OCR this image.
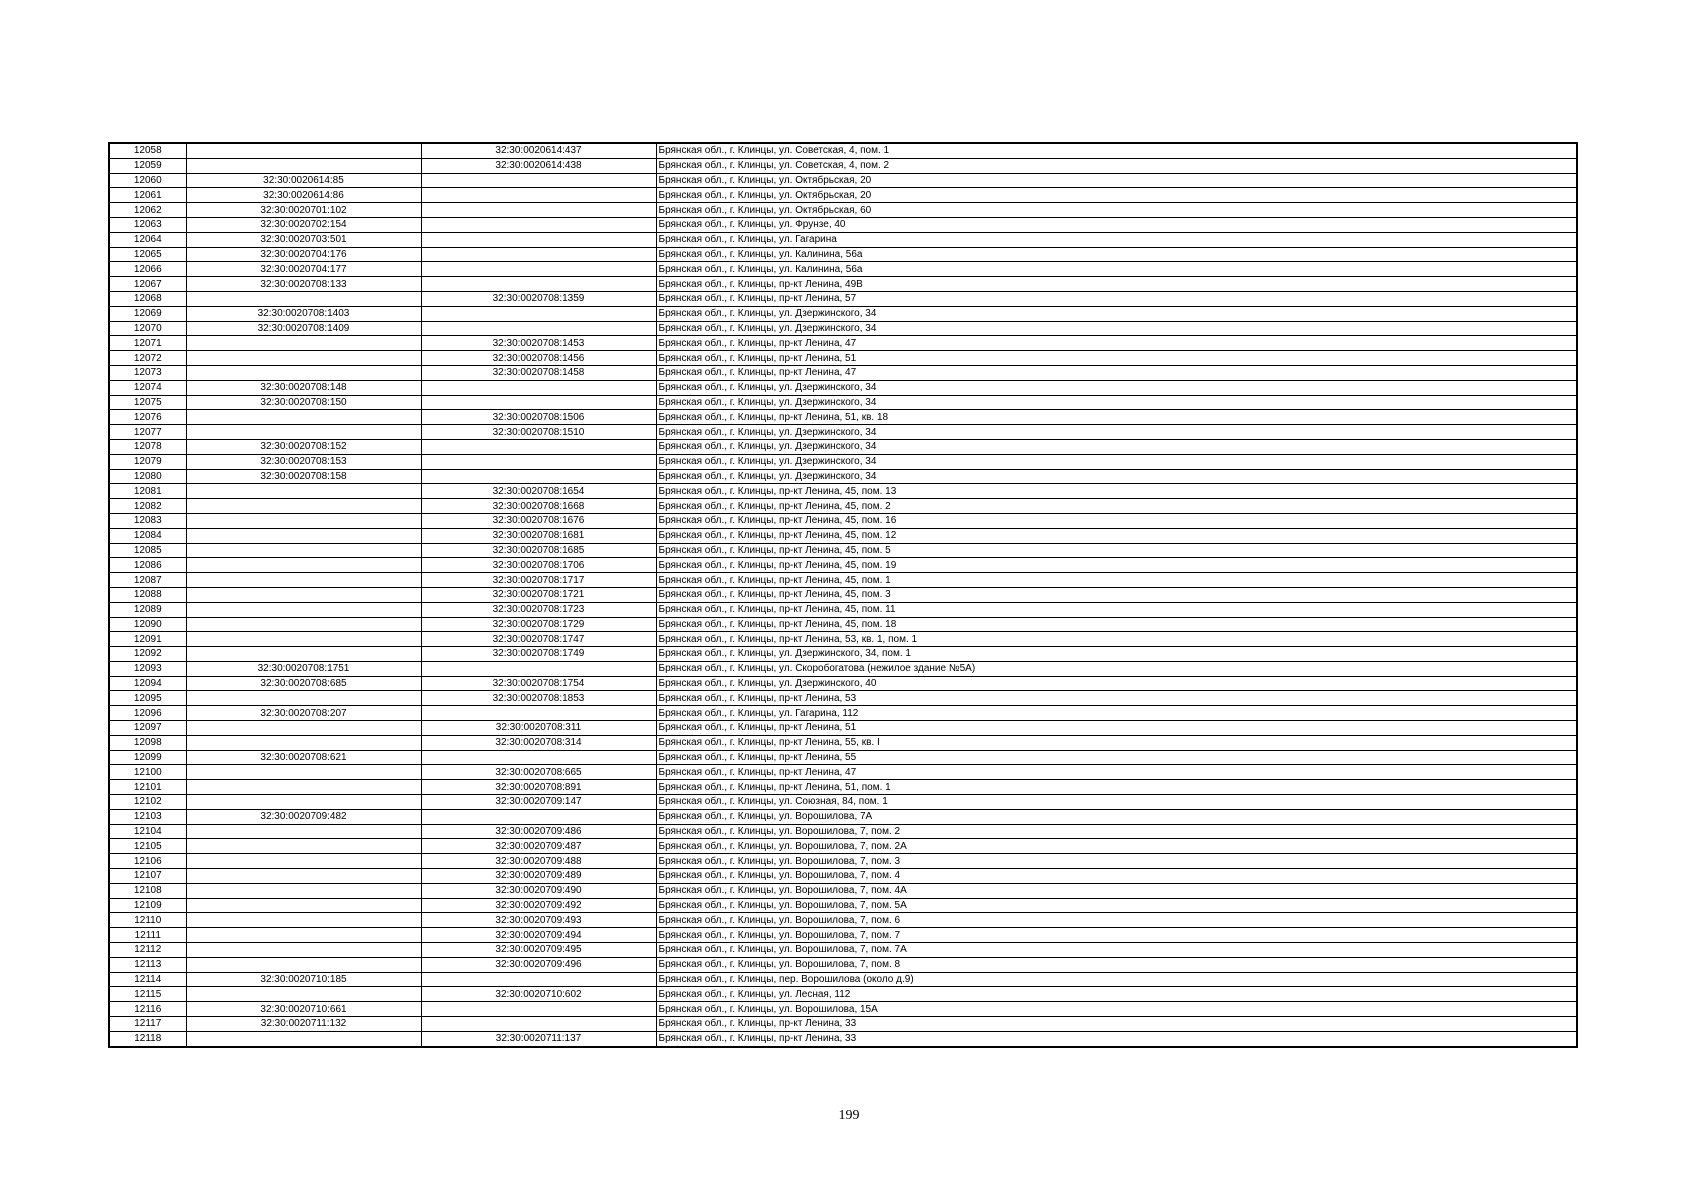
12058		32:30:0020614:437	Брянская обл., г. Клинцы, ул. Советская, 4, пом. 1
12059		32:30:0020614:438	Брянская обл., г. Клинцы, ул. Советская, 4, пом. 2
12060	32:30:0020614:85		Брянская обл., г. Клинцы, ул. Октябрьская, 20
12061	32:30:0020614:86		Брянская обл., г. Клинцы, ул. Октябрьская, 20
12062	32:30:0020701:102		Брянская обл., г. Клинцы, ул. Октябрьская, 60
12063	32:30:0020702:154		Брянская обл., г. Клинцы, ул. Фрунзе, 40
12064	32:30:0020703:501		Брянская обл., г. Клинцы, ул. Гагарина
12065	32:30:0020704:176		Брянская обл., г. Клинцы, ул. Калинина, 56а
12066	32:30:0020704:177		Брянская обл., г. Клинцы, ул. Калинина, 56а
12067	32:30:0020708:133		Брянская обл., г. Клинцы, пр-кт Ленина, 49В
12068		32:30:0020708:1359	Брянская обл., г. Клинцы, пр-кт Ленина, 57
12069	32:30:0020708:1403		Брянская обл., г. Клинцы, ул. Дзержинского, 34
12070	32:30:0020708:1409		Брянская обл., г. Клинцы, ул. Дзержинского, 34
12071		32:30:0020708:1453	Брянская обл., г. Клинцы, пр-кт Ленина, 47
12072		32:30:0020708:1456	Брянская обл., г. Клинцы, пр-кт Ленина, 51
12073		32:30:0020708:1458	Брянская обл., г. Клинцы, пр-кт Ленина, 47
12074	32:30:0020708:148		Брянская обл., г. Клинцы, ул. Дзержинского, 34
12075	32:30:0020708:150		Брянская обл., г. Клинцы, ул. Дзержинского, 34
12076		32:30:0020708:1506	Брянская обл., г. Клинцы, пр-кт Ленина, 51, кв. 18
12077		32:30:0020708:1510	Брянская обл., г. Клинцы, ул. Дзержинского, 34
12078	32:30:0020708:152		Брянская обл., г. Клинцы, ул. Дзержинского, 34
12079	32:30:0020708:153		Брянская обл., г. Клинцы, ул. Дзержинского, 34
12080	32:30:0020708:158		Брянская обл., г. Клинцы, ул. Дзержинского, 34
12081		32:30:0020708:1654	Брянская обл., г. Клинцы, пр-кт Ленина, 45, пом. 13
12082		32:30:0020708:1668	Брянская обл., г. Клинцы, пр-кт Ленина, 45, пом. 2
12083		32:30:0020708:1676	Брянская обл., г. Клинцы, пр-кт Ленина, 45, пом. 16
12084		32:30:0020708:1681	Брянская обл., г. Клинцы, пр-кт Ленина, 45, пом. 12
12085		32:30:0020708:1685	Брянская обл., г. Клинцы, пр-кт Ленина, 45, пом. 5
12086		32:30:0020708:1706	Брянская обл., г. Клинцы, пр-кт Ленина, 45, пом. 19
12087		32:30:0020708:1717	Брянская обл., г. Клинцы, пр-кт Ленина, 45, пом. 1
12088		32:30:0020708:1721	Брянская обл., г. Клинцы, пр-кт Ленина, 45, пом. 3
12089		32:30:0020708:1723	Брянская обл., г. Клинцы, пр-кт Ленина, 45, пом. 11
12090		32:30:0020708:1729	Брянская обл., г. Клинцы, пр-кт Ленина, 45, пом. 18
12091		32:30:0020708:1747	Брянская обл., г. Клинцы, пр-кт Ленина, 53, кв. 1, пом. 1
12092		32:30:0020708:1749	Брянская обл., г. Клинцы, ул. Дзержинского, 34, пом. 1
12093	32:30:0020708:1751		Брянская обл., г. Клинцы, ул. Скоробогатова (нежилое здание №5А)
12094	32:30:0020708:685	32:30:0020708:1754	Брянская обл., г. Клинцы, ул. Дзержинского, 40
12095		32:30:0020708:1853	Брянская обл., г. Клинцы, пр-кт Ленина, 53
12096	32:30:0020708:207		Брянская обл., г. Клинцы, ул. Гагарина, 112
12097		32:30:0020708:311	Брянская обл., г. Клинцы, пр-кт Ленина, 51
12098		32:30:0020708:314	Брянская обл., г. Клинцы, пр-кт Ленина, 55, кв. I
12099	32:30:0020708:621		Брянская обл., г. Клинцы, пр-кт Ленина, 55
12100		32:30:0020708:665	Брянская обл., г. Клинцы, пр-кт Ленина, 47
12101		32:30:0020708:891	Брянская обл., г. Клинцы, пр-кт Ленина, 51, пом. 1
12102		32:30:0020709:147	Брянская обл., г. Клинцы, ул. Союзная, 84, пом. 1
12103	32:30:0020709:482		Брянская обл., г. Клинцы, ул. Ворошилова, 7А
12104		32:30:0020709:486	Брянская обл., г. Клинцы, ул. Ворошилова, 7, пом. 2
12105		32:30:0020709:487	Брянская обл., г. Клинцы, ул. Ворошилова, 7, пом. 2А
12106		32:30:0020709:488	Брянская обл., г. Клинцы, ул. Ворошилова, 7, пом. 3
12107		32:30:0020709:489	Брянская обл., г. Клинцы, ул. Ворошилова, 7, пом. 4
12108		32:30:0020709:490	Брянская обл., г. Клинцы, ул. Ворошилова, 7, пом. 4А
12109		32:30:0020709:492	Брянская обл., г. Клинцы, ул. Ворошилова, 7, пом. 5А
12110		32:30:0020709:493	Брянская обл., г. Клинцы, ул. Ворошилова, 7, пом. 6
12111		32:30:0020709:494	Брянская обл., г. Клинцы, ул. Ворошилова, 7, пом. 7
12112		32:30:0020709:495	Брянская обл., г. Клинцы, ул. Ворошилова, 7, пом. 7А
12113		32:30:0020709:496	Брянская обл., г. Клинцы, ул. Ворошилова, 7, пом. 8
12114	32:30:0020710:185		Брянская обл., г. Клинцы, пер. Ворошилова (около д.9)
12115		32:30:0020710:602	Брянская обл., г. Клинцы, ул. Лесная, 112
12116	32:30:0020710:661		Брянская обл., г. Клинцы, ул. Ворошилова, 15А
12117	32:30:0020711:132		Брянская обл., г. Клинцы, пр-кт Ленина, 33
12118		32:30:0020711:137	Брянская обл., г. Клинцы, пр-кт Ленина, 33
199
